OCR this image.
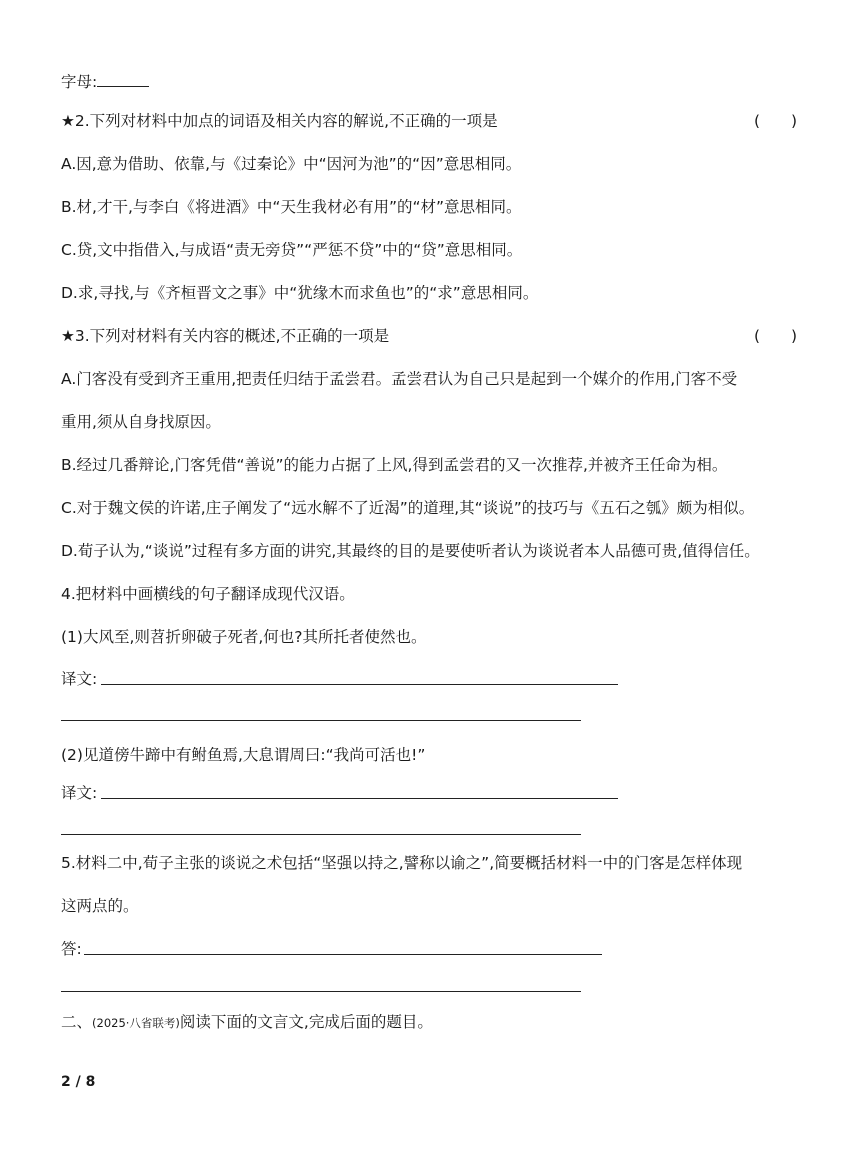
字母:
★2.下列对材料中加点的词语及相关内容的解说,不正确的一项是	(　　)
A.因,意为借助、依靠,与《过秦论》中“因河为池”的“因”意思相同。
B.材,才干,与李白《将进酒》中“天生我材必有用”的“材”意思相同。
C.贷,文中指借入,与成语“责无旁贷”“严惩不贷”中的“贷”意思相同。
D.求,寻找,与《齐桓晋文之事》中“犹缘木而求鱼也”的“求”意思相同。
★3.下列对材料有关内容的概述,不正确的一项是	(　　)
A.门客没有受到齐王重用,把责任归结于孟尝君。孟尝君认为自己只是起到一个媒介的作用,门客不受
重用,须从自身找原因。
B.经过几番辩论,门客凭借“善说”的能力占据了上风,得到孟尝君的又一次推荐,并被齐王任命为相。
C.对于魏文侯的许诺,庄子阐发了“远水解不了近渴”的道理,其“谈说”的技巧与《五石之瓠》颇为相似。
D.荀子认为,“谈说”过程有多方面的讲究,其最终的目的是要使听者认为谈说者本人品德可贵,值得信任。
4.把材料中画横线的句子翻译成现代汉语。
(1)大风至,则苕折卵破子死者,何也?其所托者使然也。
译文:
(2)见道傍牛蹄中有鲋鱼焉,大息谓周曰:“我尚可活也!”
译文:
5.材料二中,荀子主张的谈说之术包括“坚强以持之,譬称以谕之”,简要概括材料一中的门客是怎样体现
这两点的。
答:
二、(2025·八省联考)阅读下面的文言文,完成后面的题目。
2 / 8
